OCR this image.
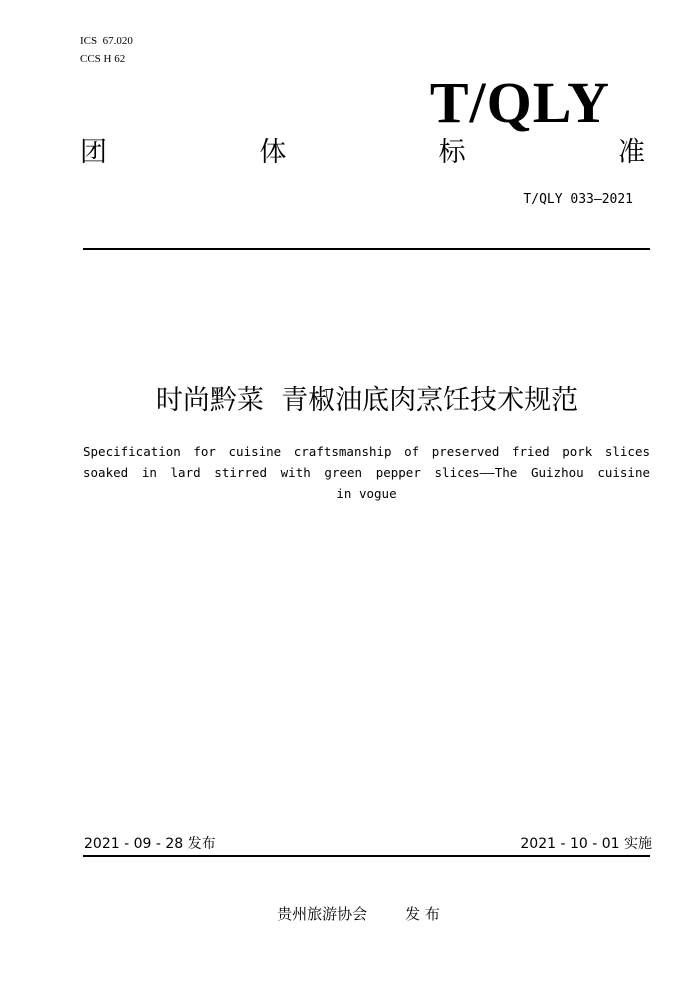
ICS  67.020
CCS H 62
T/QLY
团	体	标	准
T/QLY 033—2021
时尚黔菜  青椒油底肉烹饪技术规范
Specification for cuisine craftsmanship of preserved fried pork slices
soaked in lard stirred with green pepper slices——The Guizhou cuisine
in vogue
2021 - 09 - 28 发布	2021 - 10 - 01 实施
贵州旅游协会	发 布
